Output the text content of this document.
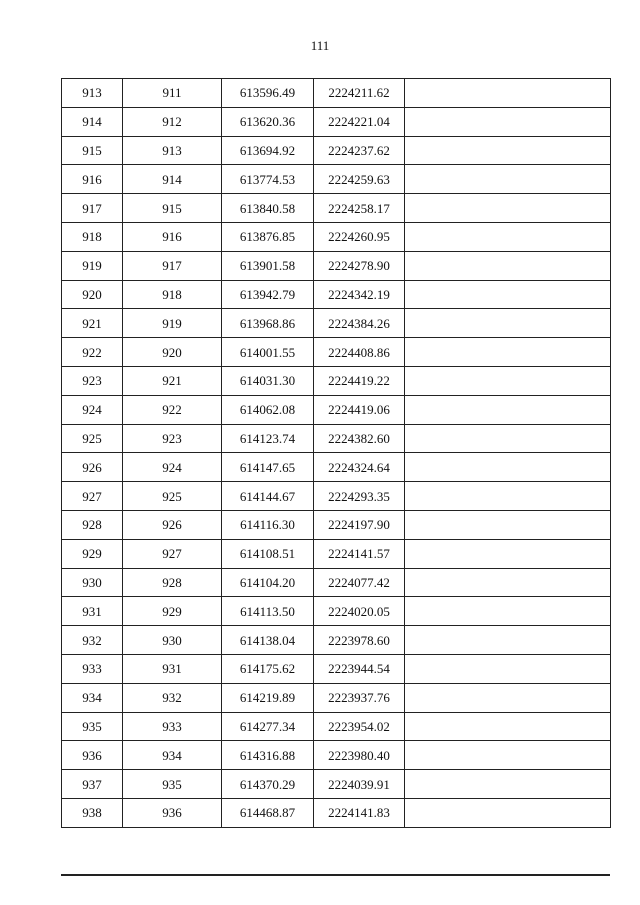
111
913	911	613596.49	2224211.62	
914	912	613620.36	2224221.04	
915	913	613694.92	2224237.62	
916	914	613774.53	2224259.63	
917	915	613840.58	2224258.17	
918	916	613876.85	2224260.95	
919	917	613901.58	2224278.90	
920	918	613942.79	2224342.19	
921	919	613968.86	2224384.26	
922	920	614001.55	2224408.86	
923	921	614031.30	2224419.22	
924	922	614062.08	2224419.06	
925	923	614123.74	2224382.60	
926	924	614147.65	2224324.64	
927	925	614144.67	2224293.35	
928	926	614116.30	2224197.90	
929	927	614108.51	2224141.57	
930	928	614104.20	2224077.42	
931	929	614113.50	2224020.05	
932	930	614138.04	2223978.60	
933	931	614175.62	2223944.54	
934	932	614219.89	2223937.76	
935	933	614277.34	2223954.02	
936	934	614316.88	2223980.40	
937	935	614370.29	2224039.91	
938	936	614468.87	2224141.83	
